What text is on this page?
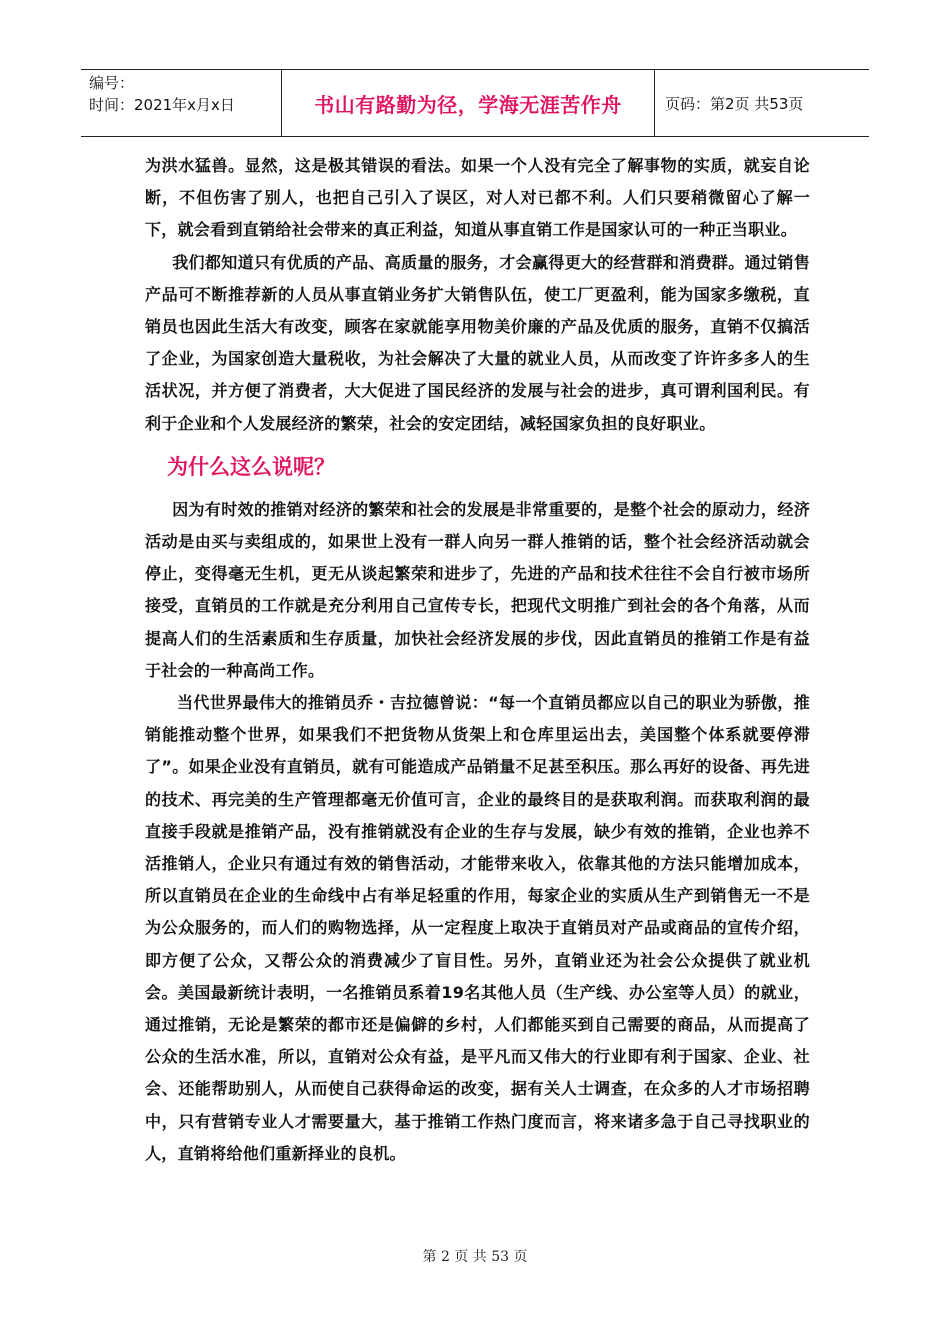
编号：
时间：2021年x月x日	书山有路勤为径，学海无涯苦作舟	页码：第2页 共53页

为洪水猛兽。显然，这是极其错误的看法。如果一个人没有完全了解事物的实质，就妄自论断，不但伤害了别人，也把自己引入了误区，对人对已都不利。人们只要稍微留心了解一下，就会看到直销给社会带来的真正利益，知道从事直销工作是国家认可的一种正当职业。

我们都知道只有优质的产品、高质量的服务，才会赢得更大的经营群和消费群。通过销售产品可不断推荐新的人员从事直销业务扩大销售队伍，使工厂更盈利，能为国家多缴税，直销员也因此生活大有改变，顾客在家就能享用物美价廉的产品及优质的服务，直销不仅搞活了企业，为国家创造大量税收，为社会解决了大量的就业人员，从而改变了许许多多人的生活状况，并方便了消费者，大大促进了国民经济的发展与社会的进步，真可谓利国利民。有利于企业和个人发展经济的繁荣，社会的安定团结，减轻国家负担的良好职业。

为什么这么说呢？

因为有时效的推销对经济的繁荣和社会的发展是非常重要的，是整个社会的原动力，经济活动是由买与卖组成的，如果世上没有一群人向另一群人推销的话，整个社会经济活动就会停止，变得毫无生机，更无从谈起繁荣和进步了，先进的产品和技术往往不会自行被市场所接受，直销员的工作就是充分利用自己宣传专长，把现代文明推广到社会的各个角落，从而提高人们的生活素质和生存质量，加快社会经济发展的步伐，因此直销员的推销工作是有益于社会的一种高尚工作。

当代世界最伟大的推销员乔・吉拉德曾说：“每一个直销员都应以自己的职业为骄傲，推销能推动整个世界，如果我们不把货物从货架上和仓库里运出去，美国整个体系就要停滞了”。如果企业没有直销员，就有可能造成产品销量不足甚至积压。那么再好的设备、再先进的技术、再完美的生产管理都毫无价值可言，企业的最终目的是获取利润。而获取利润的最直接手段就是推销产品，没有推销就没有企业的生存与发展，缺少有效的推销，企业也养不活推销人，企业只有通过有效的销售活动，才能带来收入，依靠其他的方法只能增加成本，所以直销员在企业的生命线中占有举足轻重的作用，每家企业的实质从生产到销售无一不是为公众服务的，而人们的购物选择，从一定程度上取决于直销员对产品或商品的宣传介绍，即方便了公众，又帮公众的消费减少了盲目性。另外，直销业还为社会公众提供了就业机会。美国最新统计表明，一名推销员系着19名其他人员（生产线、办公室等人员）的就业，通过推销，无论是繁荣的都市还是偏僻的乡村，人们都能买到自己需要的商品，从而提高了公众的生活水准，所以，直销对公众有益，是平凡而又伟大的行业即有利于国家、企业、社会、还能帮助别人，从而使自己获得命运的改变，据有关人士调查，在众多的人才市场招聘中，只有营销专业人才需要量大，基于推销工作热门度而言，将来诸多急于自己寻找职业的人，直销将给他们重新择业的良机。

第 2 页 共 53 页
